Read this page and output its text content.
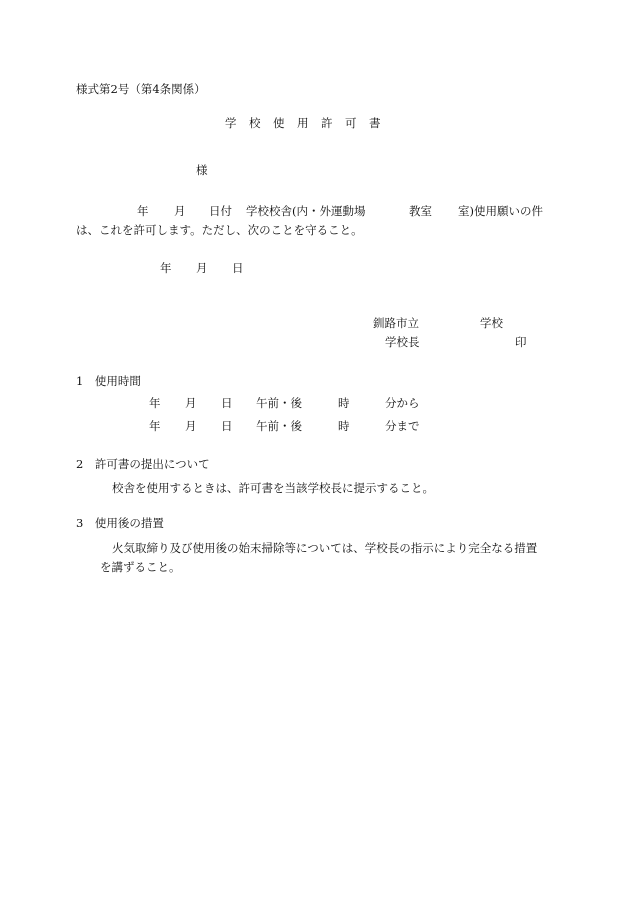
様式第2号（第4条関係）
学　校　使　用　許　可　書
様
年 月 日付 学校校舎(内・外運動場	教室 室)使用願いの件
は、これを許可します。ただし、次のことを守ること。
年 月 日
釧路市立	学校
学校長	印
1　使用時間
年 月 日 午前・後	時	分から
年 月 日 午前・後	時	分まで
2　許可書の提出について
校舎を使用するときは、許可書を当該学校長に提示すること。
3　使用後の措置
火気取締り及び使用後の始末掃除等については、学校長の指示により完全なる措置
を講ずること。
